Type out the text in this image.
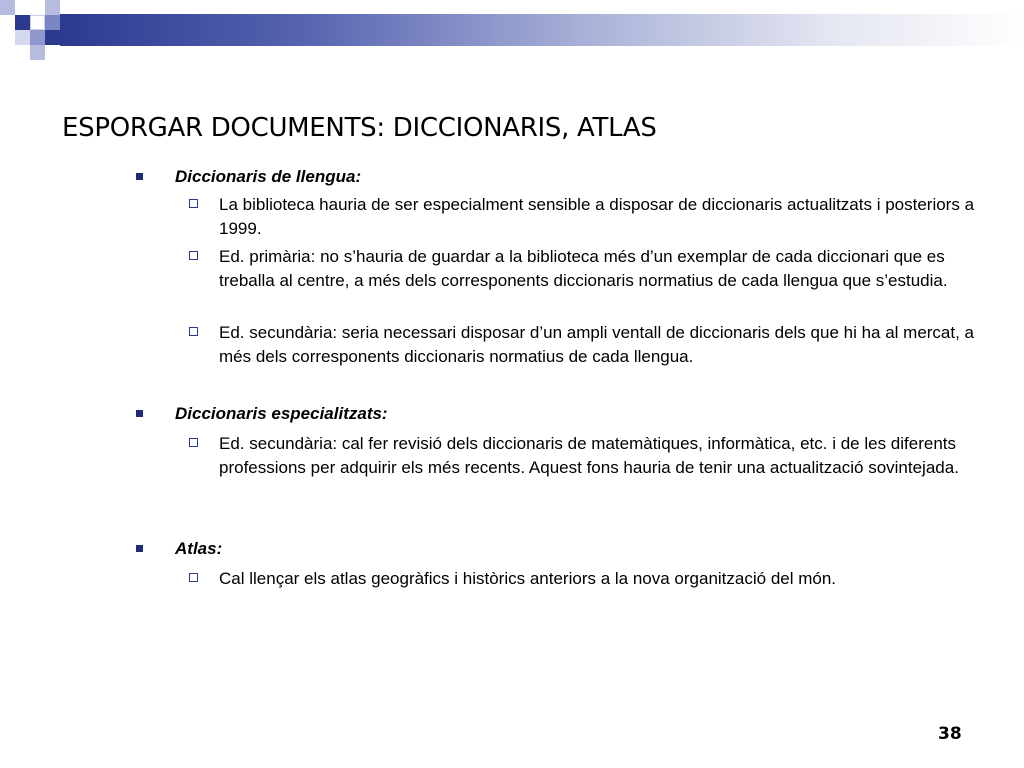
ESPORGAR DOCUMENTS: DICCIONARIS, ATLAS
Diccionaris de llengua:
La biblioteca hauria de ser especialment sensible a disposar de diccionaris actualitzats i posteriors a 1999.
Ed. primària: no s’hauria de guardar a la biblioteca més d’un exemplar de cada diccionari que es treballa al centre, a més dels corresponents diccionaris normatius de cada llengua que s’estudia.
Ed. secundària: seria necessari disposar d’un ampli ventall de diccionaris dels que hi ha al mercat, a més dels corresponents diccionaris normatius de cada llengua.
Diccionaris especialitzats:
Ed. secundària: cal fer revisió dels diccionaris de matemàtiques, informàtica, etc. i de les diferents professions per adquirir els més recents. Aquest fons hauria de tenir una actualització sovintejada.
Atlas:
Cal llençar els atlas geogràfics i històrics anteriors a la nova organització del món.
38
